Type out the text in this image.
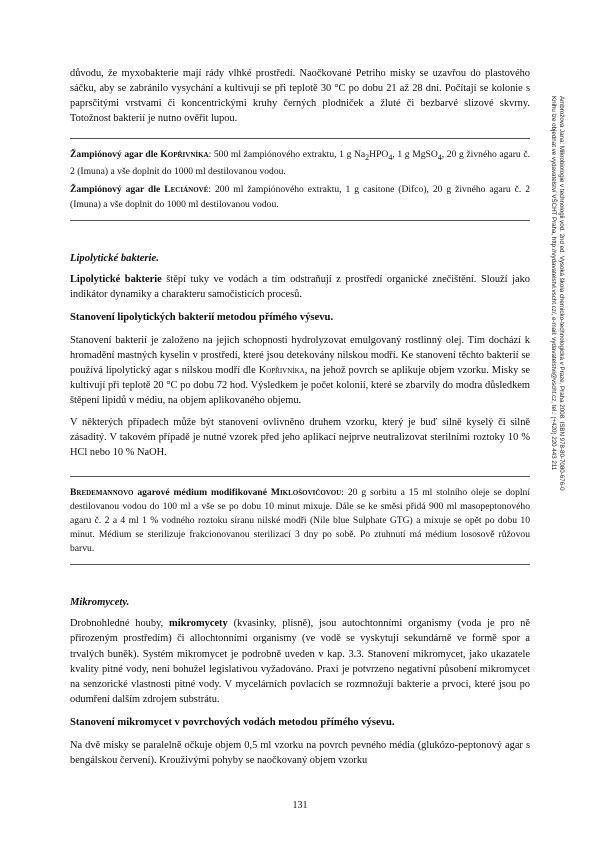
důvodu, že myxobakterie mají rády vlhké prostředí. Naočkované Petriho misky se uzavřou do plastového sáčku, aby se zabránilo vysychání a kultivují se při teplotě 30 °C po dobu 21 až 28 dní. Počítají se kolonie s paprsčitými vrstvami či koncentrickými kruhy černých plodniček a žluté či bezbarvé slizové skvrny. Totožnost bakterií je nutno ověřit lupou.

Žampiónový agar dle Kopřivníka: 500 ml žampiónového extraktu, 1 g $Na_2HPO_4$, 1 g MgSO$_4$, 20 g živného agaru č. 2 (Imuna) a vše doplnit do 1000 ml destilovanou vodou.

Žampiónový agar dle Leciánové: 200 ml žampiónového extraktu, 1 g casitone (Difco), 20 g živného agaru č. 2 (Imuna) a vše doplnit do 1000 ml destilovanou vodou.

Lipolytické bakterie.

Lipolytické bakterie štěpí tuky ve vodách a tím odstraňují z prostředí organické znečištění. Slouží jako indikátor dynamiky a charakteru samočisticích procesů.

Stanovení lipolytických bakterií metodou přímého výsevu.

Stanovení bakterií je založeno na jejich schopnosti hydrolyzovat emulgovaný rostlinný olej. Tím dochází k hromadění mastných kyselin v prostředí, které jsou detekovány nilskou modří. Ke stanovení těchto bakterií se používá lipolytický agar s nilskou modří dle Kopřivníka, na jehož povrch se aplikuje objem vzorku. Misky se kultivují při teplotě 20 °C po dobu 72 hod. Výsledkem je počet kolonií, které se zbarvily do modra důsledkem štěpení lipidů v médiu, na objem aplikovaného objemu.

V některých případech může být stanovení ovlivněno druhem vzorku, který je buď silně kyselý či silně zásaditý. V takovém případě je nutné vzorek před jeho aplikací nejprve neutralizovat sterilními roztoky 10 % HCl nebo 10 % NaOH.

Bredemannovo agarové médium modifikované Miklošovičovou: 20 g sorbitu a 15 ml stolního oleje se doplní destilovanou vodou do 100 ml a vše se po dobu 10 minut mixuje. Dále se ke směsi přidá 900 ml masopeptonového agaru č. 2 a 4 ml 1 % vodného roztoku síranu nilské modři (Nile blue Sulphate GTG) a mixuje se opět po dobu 10 minut. Médium se sterilizuje frakcionovanou sterilizací 3 dny po sobě. Po ztuhnutí má médium lososově růžovou barvu.

Mikromycety.

Drobnohledné houby, mikromycety (kvasinky, plísně), jsou autochtonními organismy (voda je pro ně přirozeným prostředím) či allochtonními organismy (ve vodě se vyskytují sekundárně ve formě spor a trvalých buněk). Systém mikromycet je podrobně uveden v kap. 3.3. Stanovení mikromycet, jako ukazatele kvality pitné vody, není bohužel legislativou vyžadováno. Praxi je potvrzeno negativní působení mikromycet na senzorické vlastnosti pitné vody. V mycelárních povlacích se rozmnožují bakterie a prvoci, které jsou po odumření dalším zdrojem substrátu.

Stanovení mikromycet v povrchových vodách metodou přímého výsevu.

Na dvě misky se paralelně očkuje objem 0,5 ml vzorku na povrch pevného média (glukózo-peptonový agar s bengálskou červení). Krouživými pohyby se naočkovaný objem vzorku

Ambrožová Jana: Mikrobiologie v technologii vod. 2nd ed. Vysoká škola chemicko-technologická v Praze, Praha 2008. ISBN 978-80-7080-676-0
Knihu lze objednat ve vydavatelství VŠCHT Praha, http://vydavatelstvi.vscht.cz/, e-mail: vydavatelstvi@vscht.cz, tel.: (+420) 220 443 211
131
